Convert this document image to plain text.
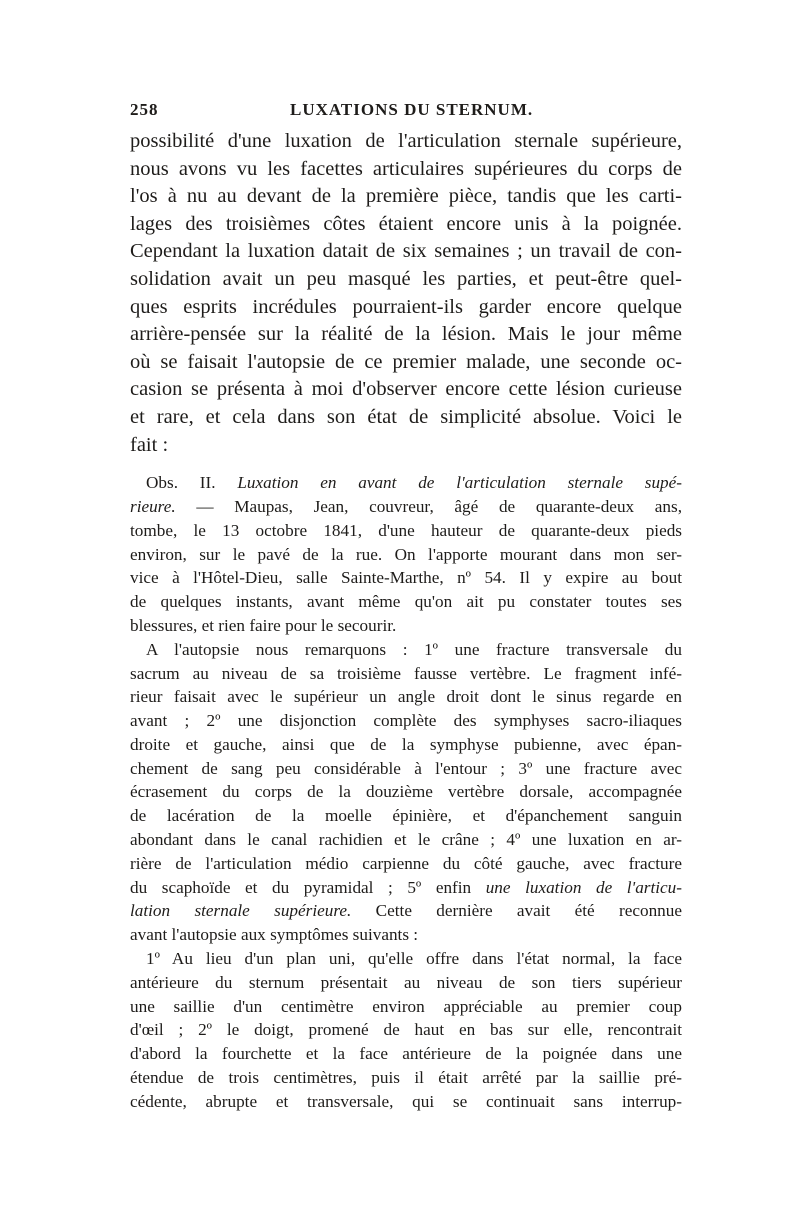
258	LUXATIONS DU STERNUM.

possibilité d'une luxation de l'articulation sternale supérieure,
nous avons vu les facettes articulaires supérieures du corps de
l'os à nu au devant de la première pièce, tandis que les carti-
lages des troisièmes côtes étaient encore unis à la poignée.
Cependant la luxation datait de six semaines ; un travail de con-
solidation avait un peu masqué les parties, et peut-être quel-
ques esprits incrédules pourraient-ils garder encore quelque
arrière-pensée sur la réalité de la lésion. Mais le jour même
où se faisait l'autopsie de ce premier malade, une seconde oc-
casion se présenta à moi d'observer encore cette lésion curieuse
et rare, et cela dans son état de simplicité absolue. Voici le
fait :

Obs. II. Luxation en avant de l'articulation sternale supé-
rieure. — Maupas, Jean, couvreur, âgé de quarante-deux ans,
tombe, le 13 octobre 1841, d'une hauteur de quarante-deux pieds
environ, sur le pavé de la rue. On l'apporte mourant dans mon ser-
vice à l'Hôtel-Dieu, salle Sainte-Marthe, nº 54. Il y expire au bout
de quelques instants, avant même qu'on ait pu constater toutes ses
blessures, et rien faire pour le secourir.

A l'autopsie nous remarquons : 1º une fracture transversale du
sacrum au niveau de sa troisième fausse vertèbre. Le fragment infé-
rieur faisait avec le supérieur un angle droit dont le sinus regarde en
avant ; 2º une disjonction complète des symphyses sacro-iliaques
droite et gauche, ainsi que de la symphyse pubienne, avec épan-
chement de sang peu considérable à l'entour ; 3º une fracture avec
écrasement du corps de la douzième vertèbre dorsale, accompagnée
de lacération de la moelle épinière, et d'épanchement sanguin
abondant dans le canal rachidien et le crâne ; 4º une luxation en ar-
rière de l'articulation médio carpienne du côté gauche, avec fracture
du scaphoïde et du pyramidal ; 5º enfin une luxation de l'articu-
lation sternale supérieure. Cette dernière avait été reconnue
avant l'autopsie aux symptômes suivants :

1º Au lieu d'un plan uni, qu'elle offre dans l'état normal, la face
antérieure du sternum présentait au niveau de son tiers supérieur
une saillie d'un centimètre environ appréciable au premier coup
d'œil ; 2º le doigt, promené de haut en bas sur elle, rencontrait
d'abord la fourchette et la face antérieure de la poignée dans une
étendue de trois centimètres, puis il était arrêté par la saillie pré-
cédente, abrupte et transversale, qui se continuait sans interrup-
